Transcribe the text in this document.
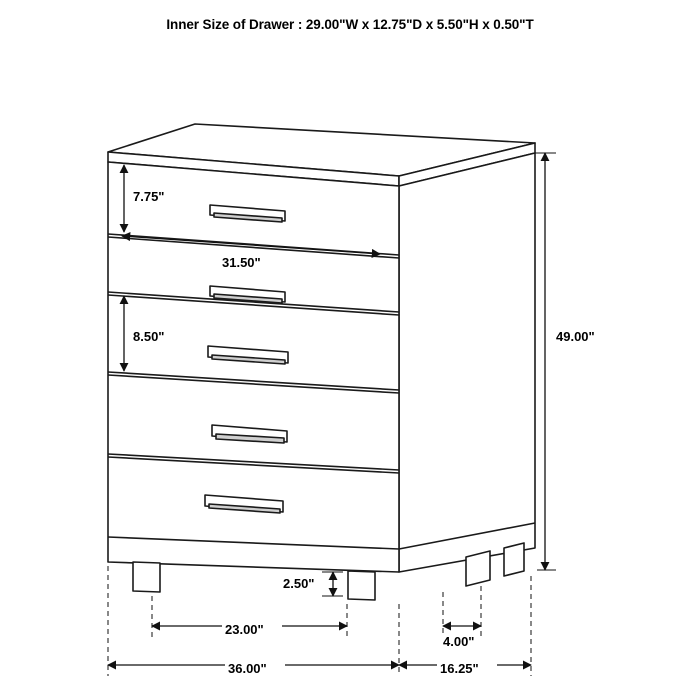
Inner Size of Drawer : 29.00"W x 12.75"D x 5.50"H x 0.50"T
7.75"
31.50"
8.50"	49.00"
2.50"
23.00"
4.00"
36.00"	16.25"
